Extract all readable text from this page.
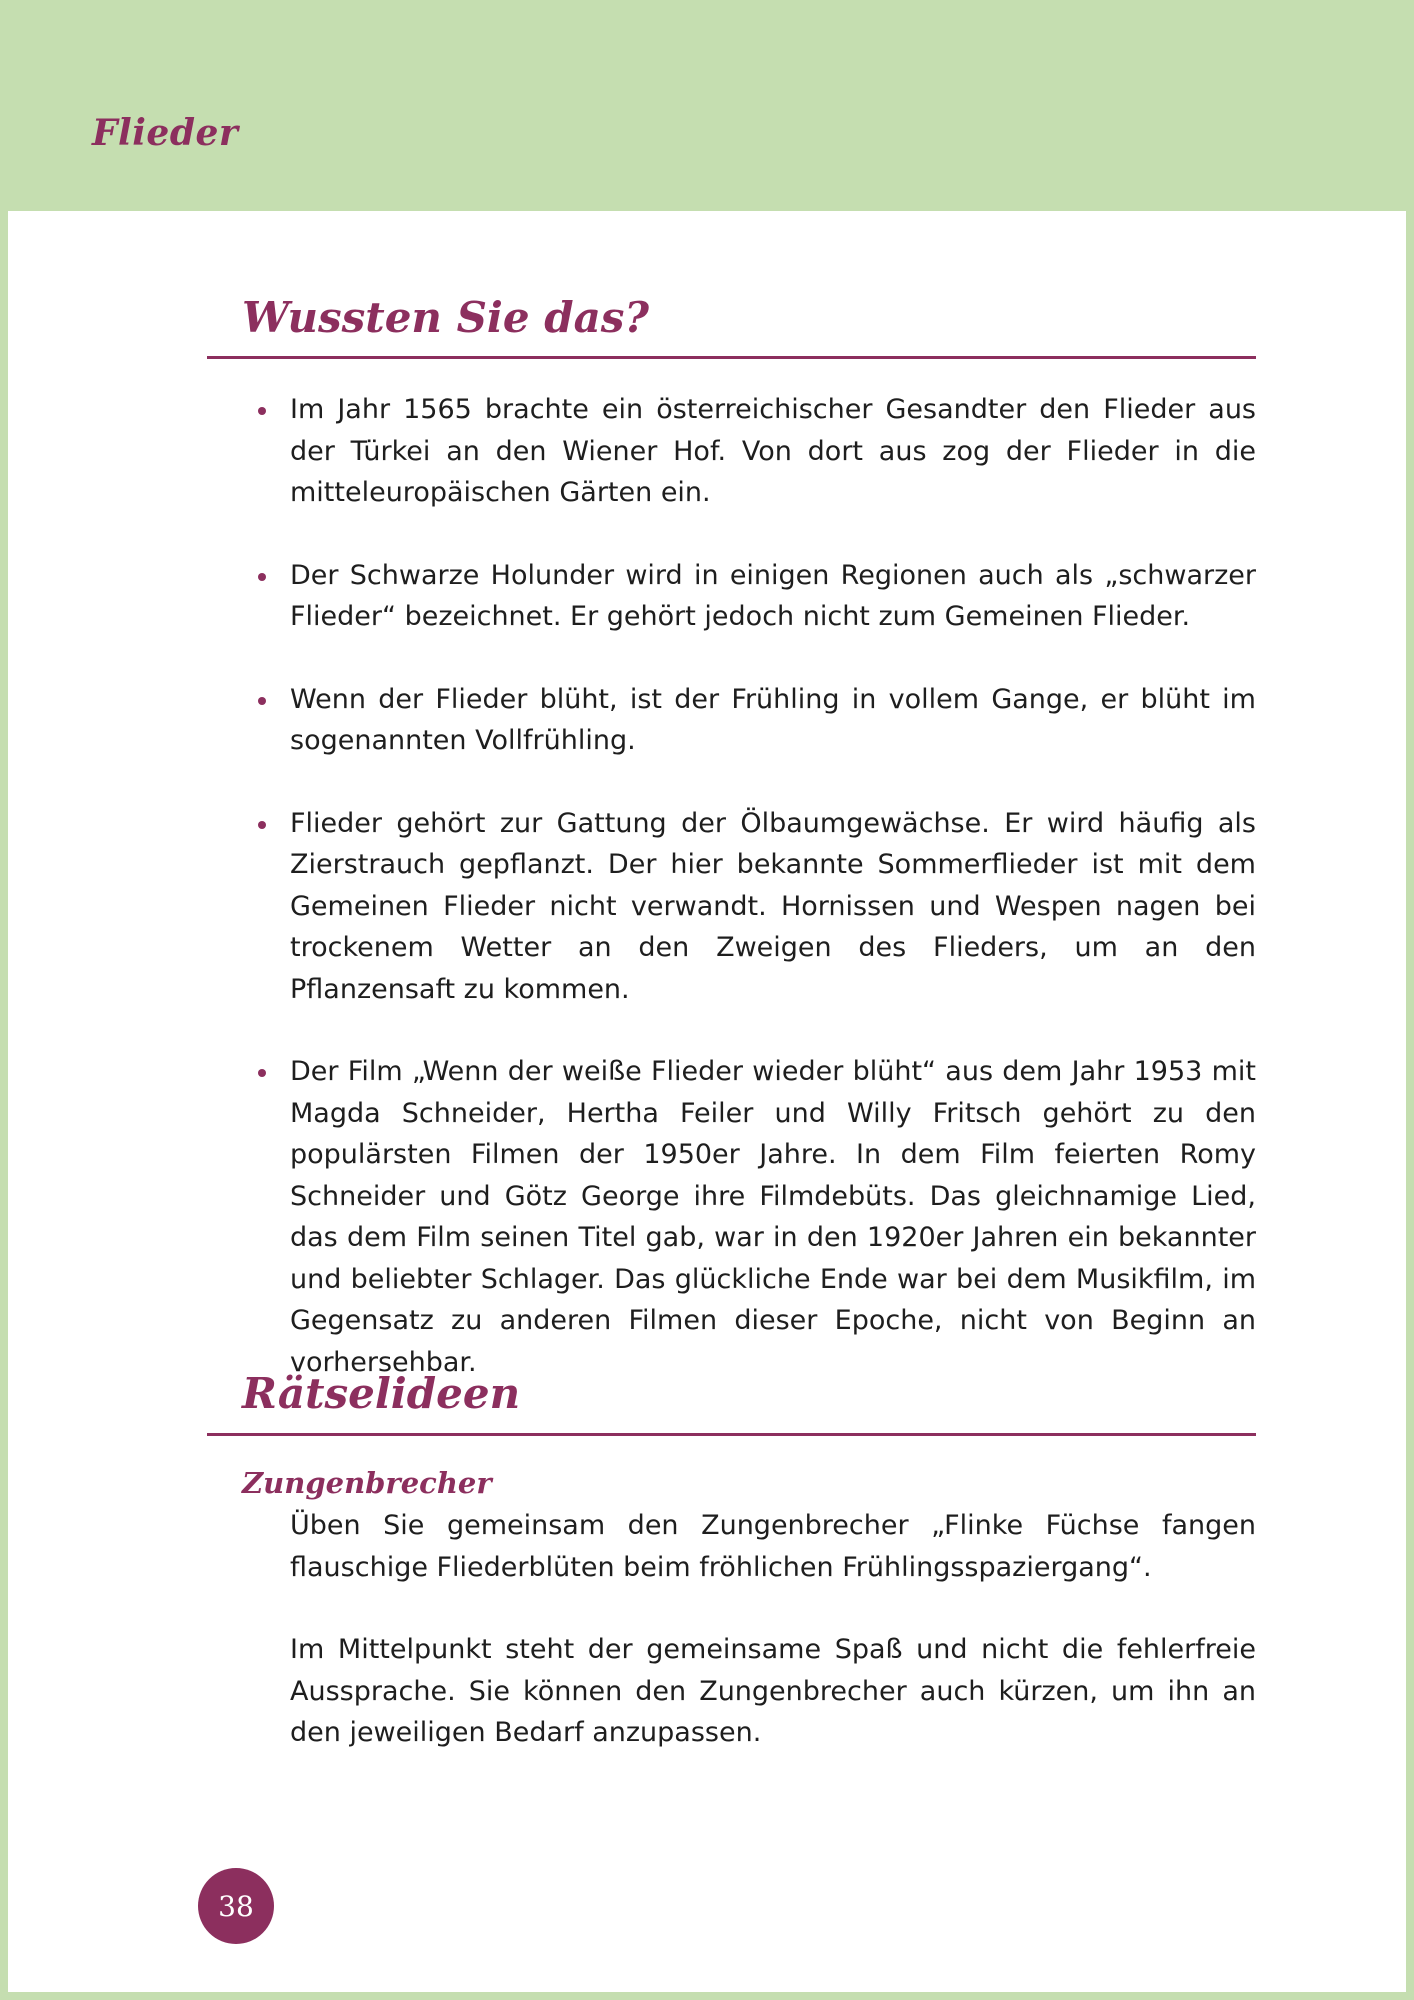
Flieder
Wussten Sie das?
Im Jahr 1565 brachte ein österreichischer Gesandter den Flieder aus der Türkei an den Wiener Hof. Von dort aus zog der Flieder in die mitteleuropäischen Gärten ein.
Der Schwarze Holunder wird in einigen Regionen auch als „schwarzer Flieder“ bezeichnet. Er gehört jedoch nicht zum Gemeinen Flieder.
Wenn der Flieder blüht, ist der Frühling in vollem Gange, er blüht im sogenannten Vollfrühling.
Flieder gehört zur Gattung der Ölbaumgewächse. Er wird häufig als Zierstrauch gepflanzt. Der hier bekannte Sommerflieder ist mit dem Gemeinen Flieder nicht verwandt. Hornissen und Wespen nagen bei trockenem Wetter an den Zweigen des Flieders, um an den Pflanzensaft zu kommen.
Der Film „Wenn der weiße Flieder wieder blüht“ aus dem Jahr 1953 mit Magda Schneider, Hertha Feiler und Willy Fritsch gehört zu den populärsten Filmen der 1950er Jahre. In dem Film feierten Romy Schneider und Götz George ihre Filmdebüts. Das gleichnamige Lied, das dem Film seinen Titel gab, war in den 1920er Jahren ein bekannter und beliebter Schlager. Das glückliche Ende war bei dem Musikfilm, im Gegensatz zu anderen Filmen dieser Epoche, nicht von Beginn an vorhersehbar.
Rätselideen
Zungenbrecher

Üben Sie gemeinsam den Zungenbrecher „Flinke Füchse fangen flauschige Fliederblüten beim fröhlichen Frühlingsspaziergang“.

Im Mittelpunkt steht der gemeinsame Spaß und nicht die fehlerfreie Aussprache. Sie können den Zungenbrecher auch kürzen, um ihn an den jeweiligen Bedarf anzupassen.

38
